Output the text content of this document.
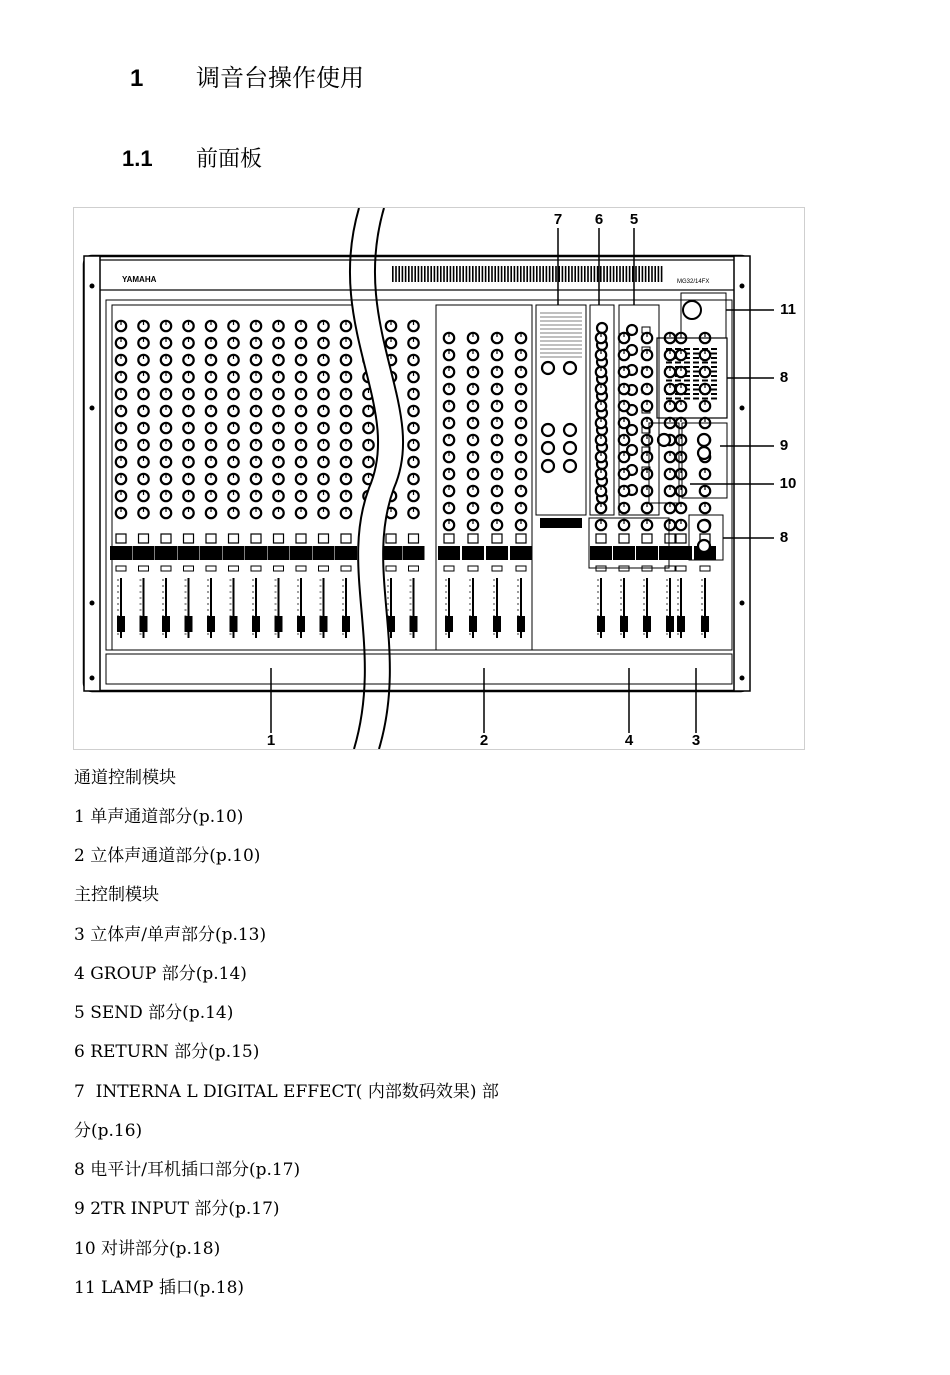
1 调音台操作使用
1.1 前面板
YAMAHA	MG32/14FX
7 6 5
11
8
9
10
8
1	2	4	3
通道控制模块
1 单声通道部分(p.10)
2 立体声通道部分(p.10)
主控制模块
3 立体声/单声部分(p.13)
4 GROUP 部分(p.14)
5 SEND 部分(p.14)
6 RETURN 部分(p.15)
7  INTERNA L DIGITAL EFFECT( 内部数码效果) 部
分(p.16)
8 电平计/耳机插口部分(p.17)
9 2TR INPUT 部分(p.17)
10 对讲部分(p.18)
11 LAMP 插口(p.18)
